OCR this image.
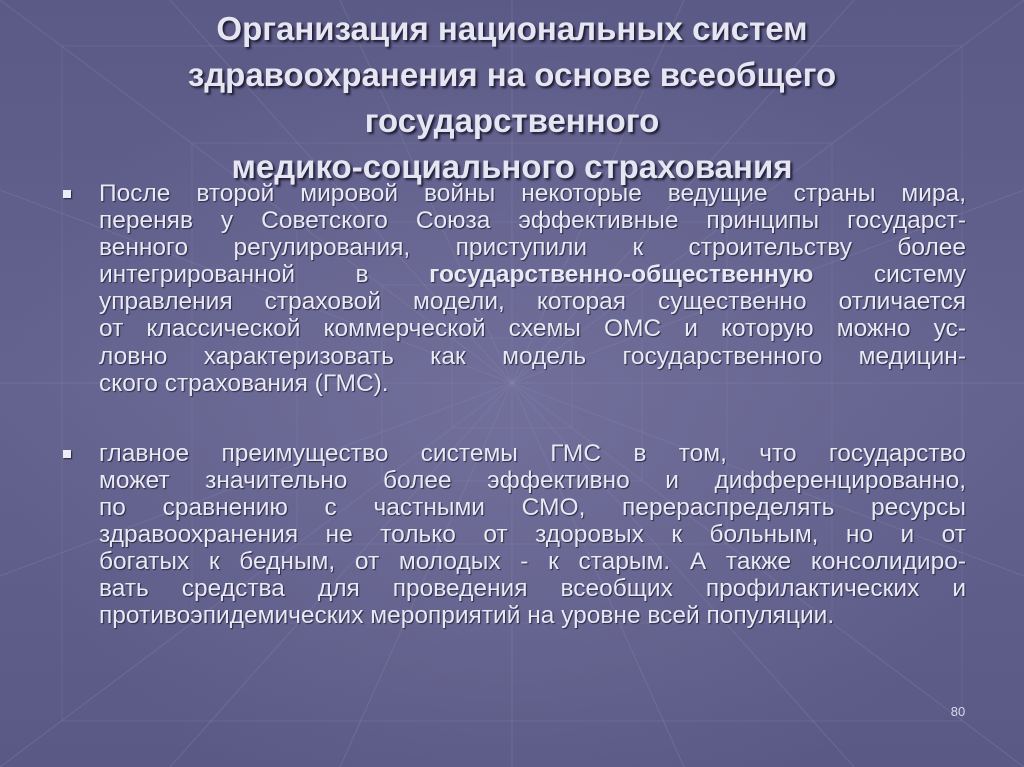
Организация национальных систем
здравоохранения на основе всеобщего
государственного
медико-социального страхования

После второй мировой войны некоторые ведущие страны мира,
переняв у Советского Союза эффективные принципы государст-
венного регулирования, приступили к строительству более
интегрированной в государственно-общественную систему
управления страховой модели, которая существенно отличается
от классической коммерческой схемы ОМС и которую можно ус-
ловно характеризовать как модель государственного медицин-
ского страхования (ГМС).

главное преимущество системы ГМС в том, что государство
может значительно более эффективно и дифференцированно,
по сравнению с частными СМО, перераспределять ресурсы
здравоохранения не только от здоровых к больным, но и от
богатых к бедным, от молодых - к старым. А также консолидиро-
вать средства для проведения всеобщих профилактических и
противоэпидемических мероприятий на уровне всей популяции.

80
